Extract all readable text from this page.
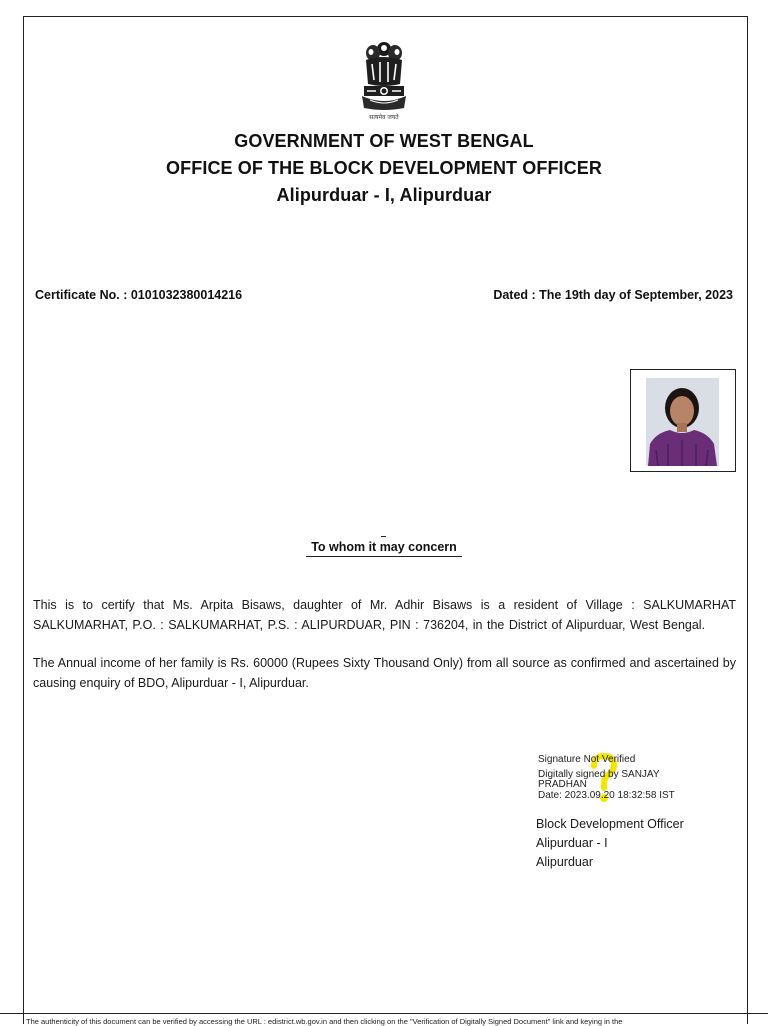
सत्यमेव जयते
GOVERNMENT OF WEST BENGAL
OFFICE OF THE BLOCK DEVELOPMENT OFFICER
Alipurduar - I, Alipurduar
Certificate No. : 0101032380014216	Dated : The 19th day of September, 2023
To whom it may concern
This is to certify that Ms. Arpita Bisaws, daughter of Mr. Adhir Bisaws is a resident of Village : SALKUMARHAT SALKUMARHAT, P.O. : SALKUMARHAT, P.S. : ALIPURDUAR, PIN : 736204, in the District of Alipurduar, West Bengal.
The Annual income of her family is Rs. 60000 (Rupees Sixty Thousand Only) from all source as confirmed and ascertained by causing enquiry of BDO, Alipurduar - I, Alipurduar.
Signature Not Verified
Digitally signed by SANJAY
PRADHAN
Date: 2023.09.20 18:32:58 IST
Block Development Officer
Alipurduar - I
Alipurduar
The authenticity of this document can be verified by accessing the URL : edistrict.wb.gov.in and then clicking on the "Verification of Digitally Signed Document" link and keying in the
